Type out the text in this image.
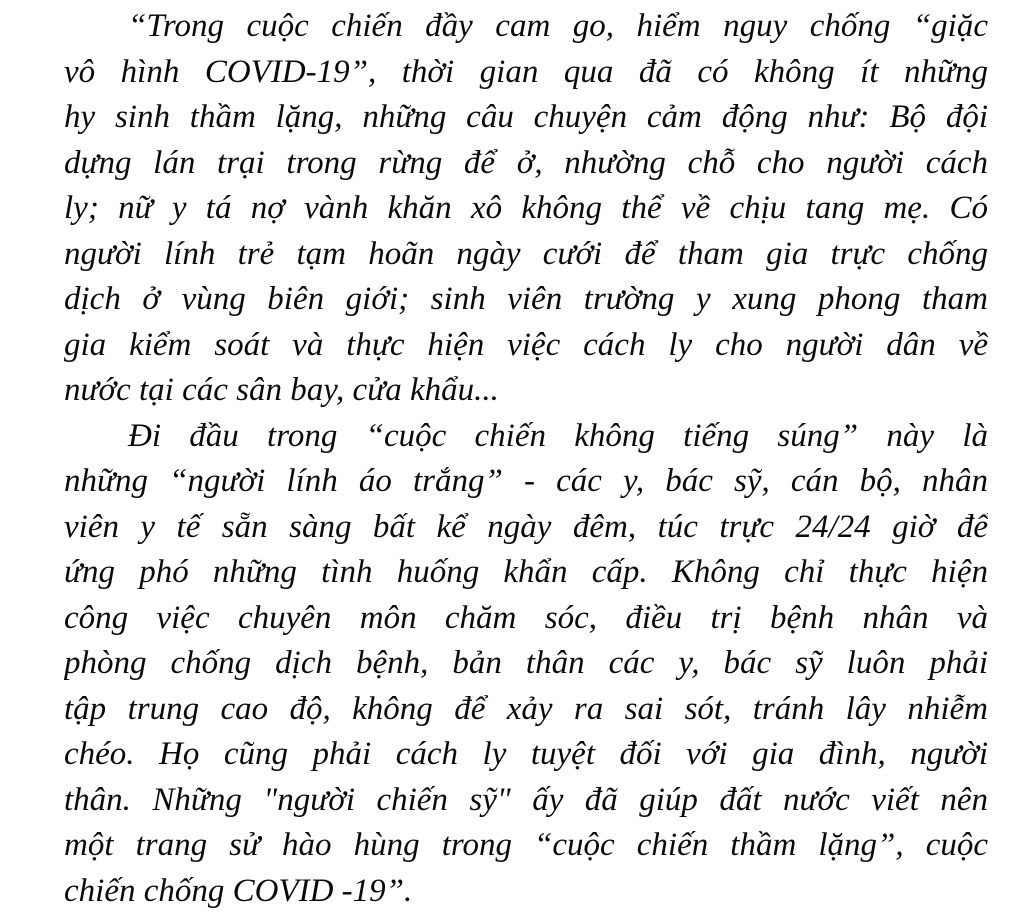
“Trong cuộc chiến đầy cam go, hiểm nguy chống “giặc
vô hình COVID-19”, thời gian qua đã có không ít những
hy sinh thầm lặng, những câu chuyện cảm động như: Bộ đội
dựng lán trại trong rừng để ở, nhường chỗ cho người cách
ly; nữ y tá nợ vành khăn xô không thể về chịu tang mẹ. Có
người lính trẻ tạm hoãn ngày cưới để tham gia trực chống
dịch ở vùng biên giới; sinh viên trường y xung phong tham
gia kiểm soát và thực hiện việc cách ly cho người dân về
nước tại các sân bay, cửa khẩu...
Đi đầu trong “cuộc chiến không tiếng súng” này là
những “người lính áo trắng” - các y, bác sỹ, cán bộ, nhân
viên y tế sẵn sàng bất kể ngày đêm, túc trực 24/24 giờ để
ứng phó những tình huống khẩn cấp. Không chỉ thực hiện
công việc chuyên môn chăm sóc, điều trị bệnh nhân và
phòng chống dịch bệnh, bản thân các y, bác sỹ luôn phải
tập trung cao độ, không để xảy ra sai sót, tránh lây nhiễm
chéo. Họ cũng phải cách ly tuyệt đối với gia đình, người
thân. Những "người chiến sỹ" ấy đã giúp đất nước viết nên
một trang sử hào hùng trong “cuộc chiến thầm lặng”, cuộc
chiến chống COVID -19”.
